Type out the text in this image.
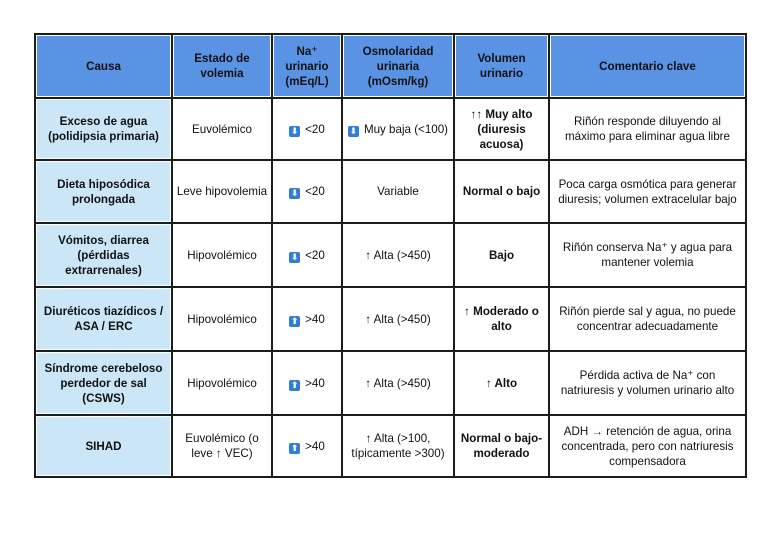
Causa	Estado de volemia	Na⁺ urinario (mEq/L)	Osmolaridad urinaria (mOsm/kg)	Volumen urinario	Comentario clave
Exceso de agua (polidipsia primaria)	Euvolémico	⬇ <20	⬇ Muy baja (<100)	↑↑ Muy alto (diuresis acuosa)	Riñón responde diluyendo al máximo para eliminar agua libre
Dieta hiposódica prolongada	Leve hipovolemia	⬇ <20	Variable	Normal o bajo	Poca carga osmótica para generar diuresis; volumen extracelular bajo
Vómitos, diarrea (pérdidas extrarrenales)	Hipovolémico	⬇ <20	↑ Alta (>450)	Bajo	Riñón conserva Na⁺ y agua para mantener volemia
Diuréticos tiazídicos / ASA / ERC	Hipovolémico	⬆ >40	↑ Alta (>450)	↑ Moderado o alto	Riñón pierde sal y agua, no puede concentrar adecuadamente
Síndrome cerebeloso perdedor de sal (CSWS)	Hipovolémico	⬆ >40	↑ Alta (>450)	↑ Alto	Pérdida activa de Na⁺ con natriuresis y volumen urinario alto
SIHAD	Euvolémico (o leve ↑ VEC)	⬆ >40	↑ Alta (>100, típicamente >300)	Normal o bajo-moderado	ADH → retención de agua, orina concentrada, pero con natriuresis compensadora
